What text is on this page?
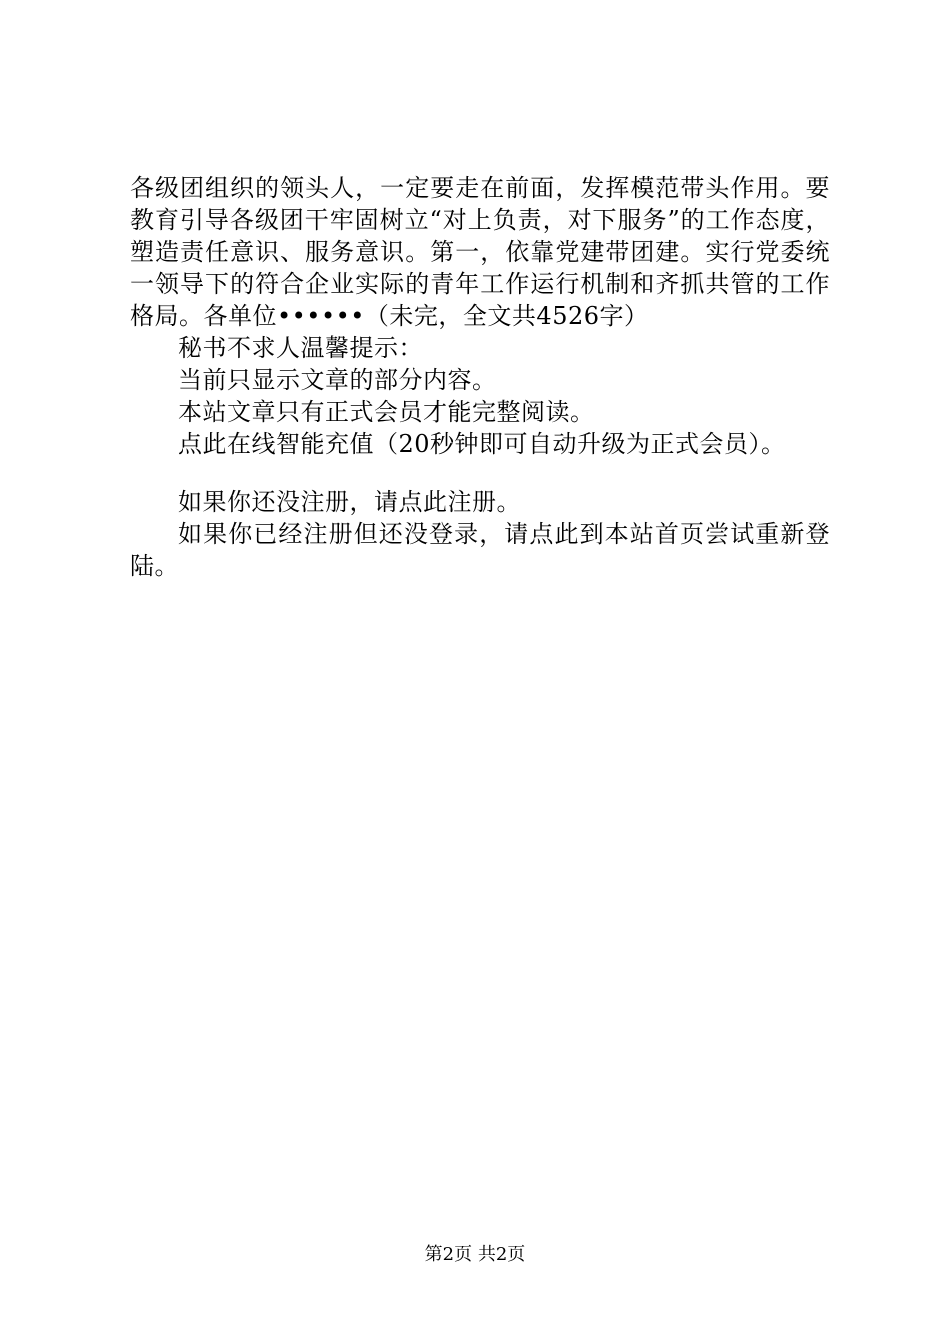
各级团组织的领头人，一定要走在前面，发挥模范带头作用。要教育引导各级团干牢固树立“对上负责，对下服务”的工作态度，塑造责任意识、服务意识。第一，依靠党建带团建。实行党委统一领导下的符合企业实际的青年工作运行机制和齐抓共管的工作格局。各单位••••••（未完，全文共4526字）

秘书不求人温馨提示：

当前只显示文章的部分内容。

本站文章只有正式会员才能完整阅读。

点此在线智能充值（20秒钟即可自动升级为正式会员）。

如果你还没注册，请点此注册。

如果你已经注册但还没登录，请点此到本站首页尝试重新登陆。

第2页 共2页
